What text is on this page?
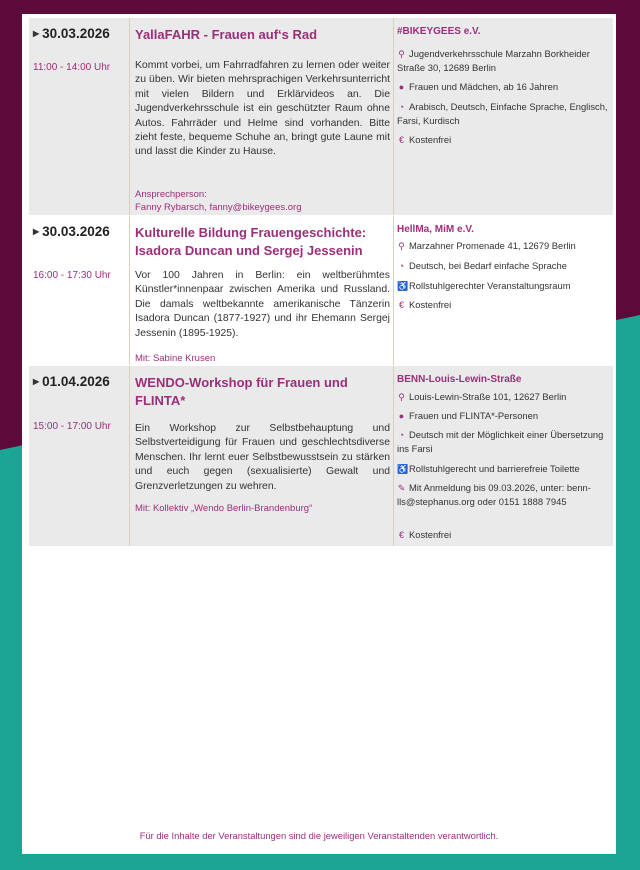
▶ 30.03.2026
11:00 - 14:00 Uhr
YallaFAHR - Frauen auf‘s Rad
Kommt vorbei, um Fahrradfahren zu lernen oder weiter zu üben. Wir bieten mehrsprachigen Verkehrsunterricht mit vielen Bildern und Erklärvideos an. Die Jugendverkehrsschule ist ein geschützter Raum ohne Autos. Fahrräder und Helme sind vorhanden. Bitte zieht feste, bequeme Schuhe an, bringt gute Laune mit und lasst die Kinder zu Hause.
Ansprechperson:
Fanny Rybarsch, fanny@bikeygees.org
#BIKEYGEES e.V.
⚲ Jugendverkehrsschule Marzahn Borkheider Straße 30, 12689 Berlin
● Frauen und Mädchen, ab 16 Jahren
◔ Arabisch, Deutsch, Einfache Sprache, Englisch, Farsi, Kurdisch
€ Kostenfrei
▶ 30.03.2026
16:00 - 17:30 Uhr
Kulturelle Bildung Frauengeschichte: Isadora Duncan und Sergej Jessenin
Vor 100 Jahren in Berlin: ein weltberühmtes Künstler*innenpaar zwischen Amerika und Russland. Die damals weltbekannte amerikanische Tänzerin Isadora Duncan (1877-1927) und ihr Ehemann Sergej Jessenin (1895-1925).
Mit: Sabine Krusen
HellMa, MiM e.V.
⚲ Marzahner Promenade 41, 12679 Berlin
◔ Deutsch, bei Bedarf einfache Sprache
♿Rollstuhlgerechter Veranstaltungsraum
€ Kostenfrei
▶ 01.04.2026
15:00 - 17:00 Uhr
WENDO-Workshop für Frauen und FLINTA*
Ein Workshop zur Selbstbehauptung und Selbstverteidigung für Frauen und geschlechtsdiverse Menschen. Ihr lernt euer Selbstbewusstsein zu stärken und euch gegen (sexualisierte) Gewalt und Grenzverletzungen zu wehren.
Mit: Kollektiv „Wendo Berlin-Brandenburg“
BENN-Louis-Lewin-Straße
⚲ Louis-Lewin-Straße 101, 12627 Berlin
● Frauen und FLINTA*-Personen
◔ Deutsch mit der Möglichkeit einer Übersetzung ins Farsi
♿Rollstuhlgerecht und barrierefreie Toilette
✎ Mit Anmeldung bis 09.03.2026, unter: benn-lls@stephanus.org oder 0151 1888 7945
€ Kostenfrei
Für die Inhalte der Veranstaltungen sind die jeweiligen Veranstaltenden verantwortlich.
